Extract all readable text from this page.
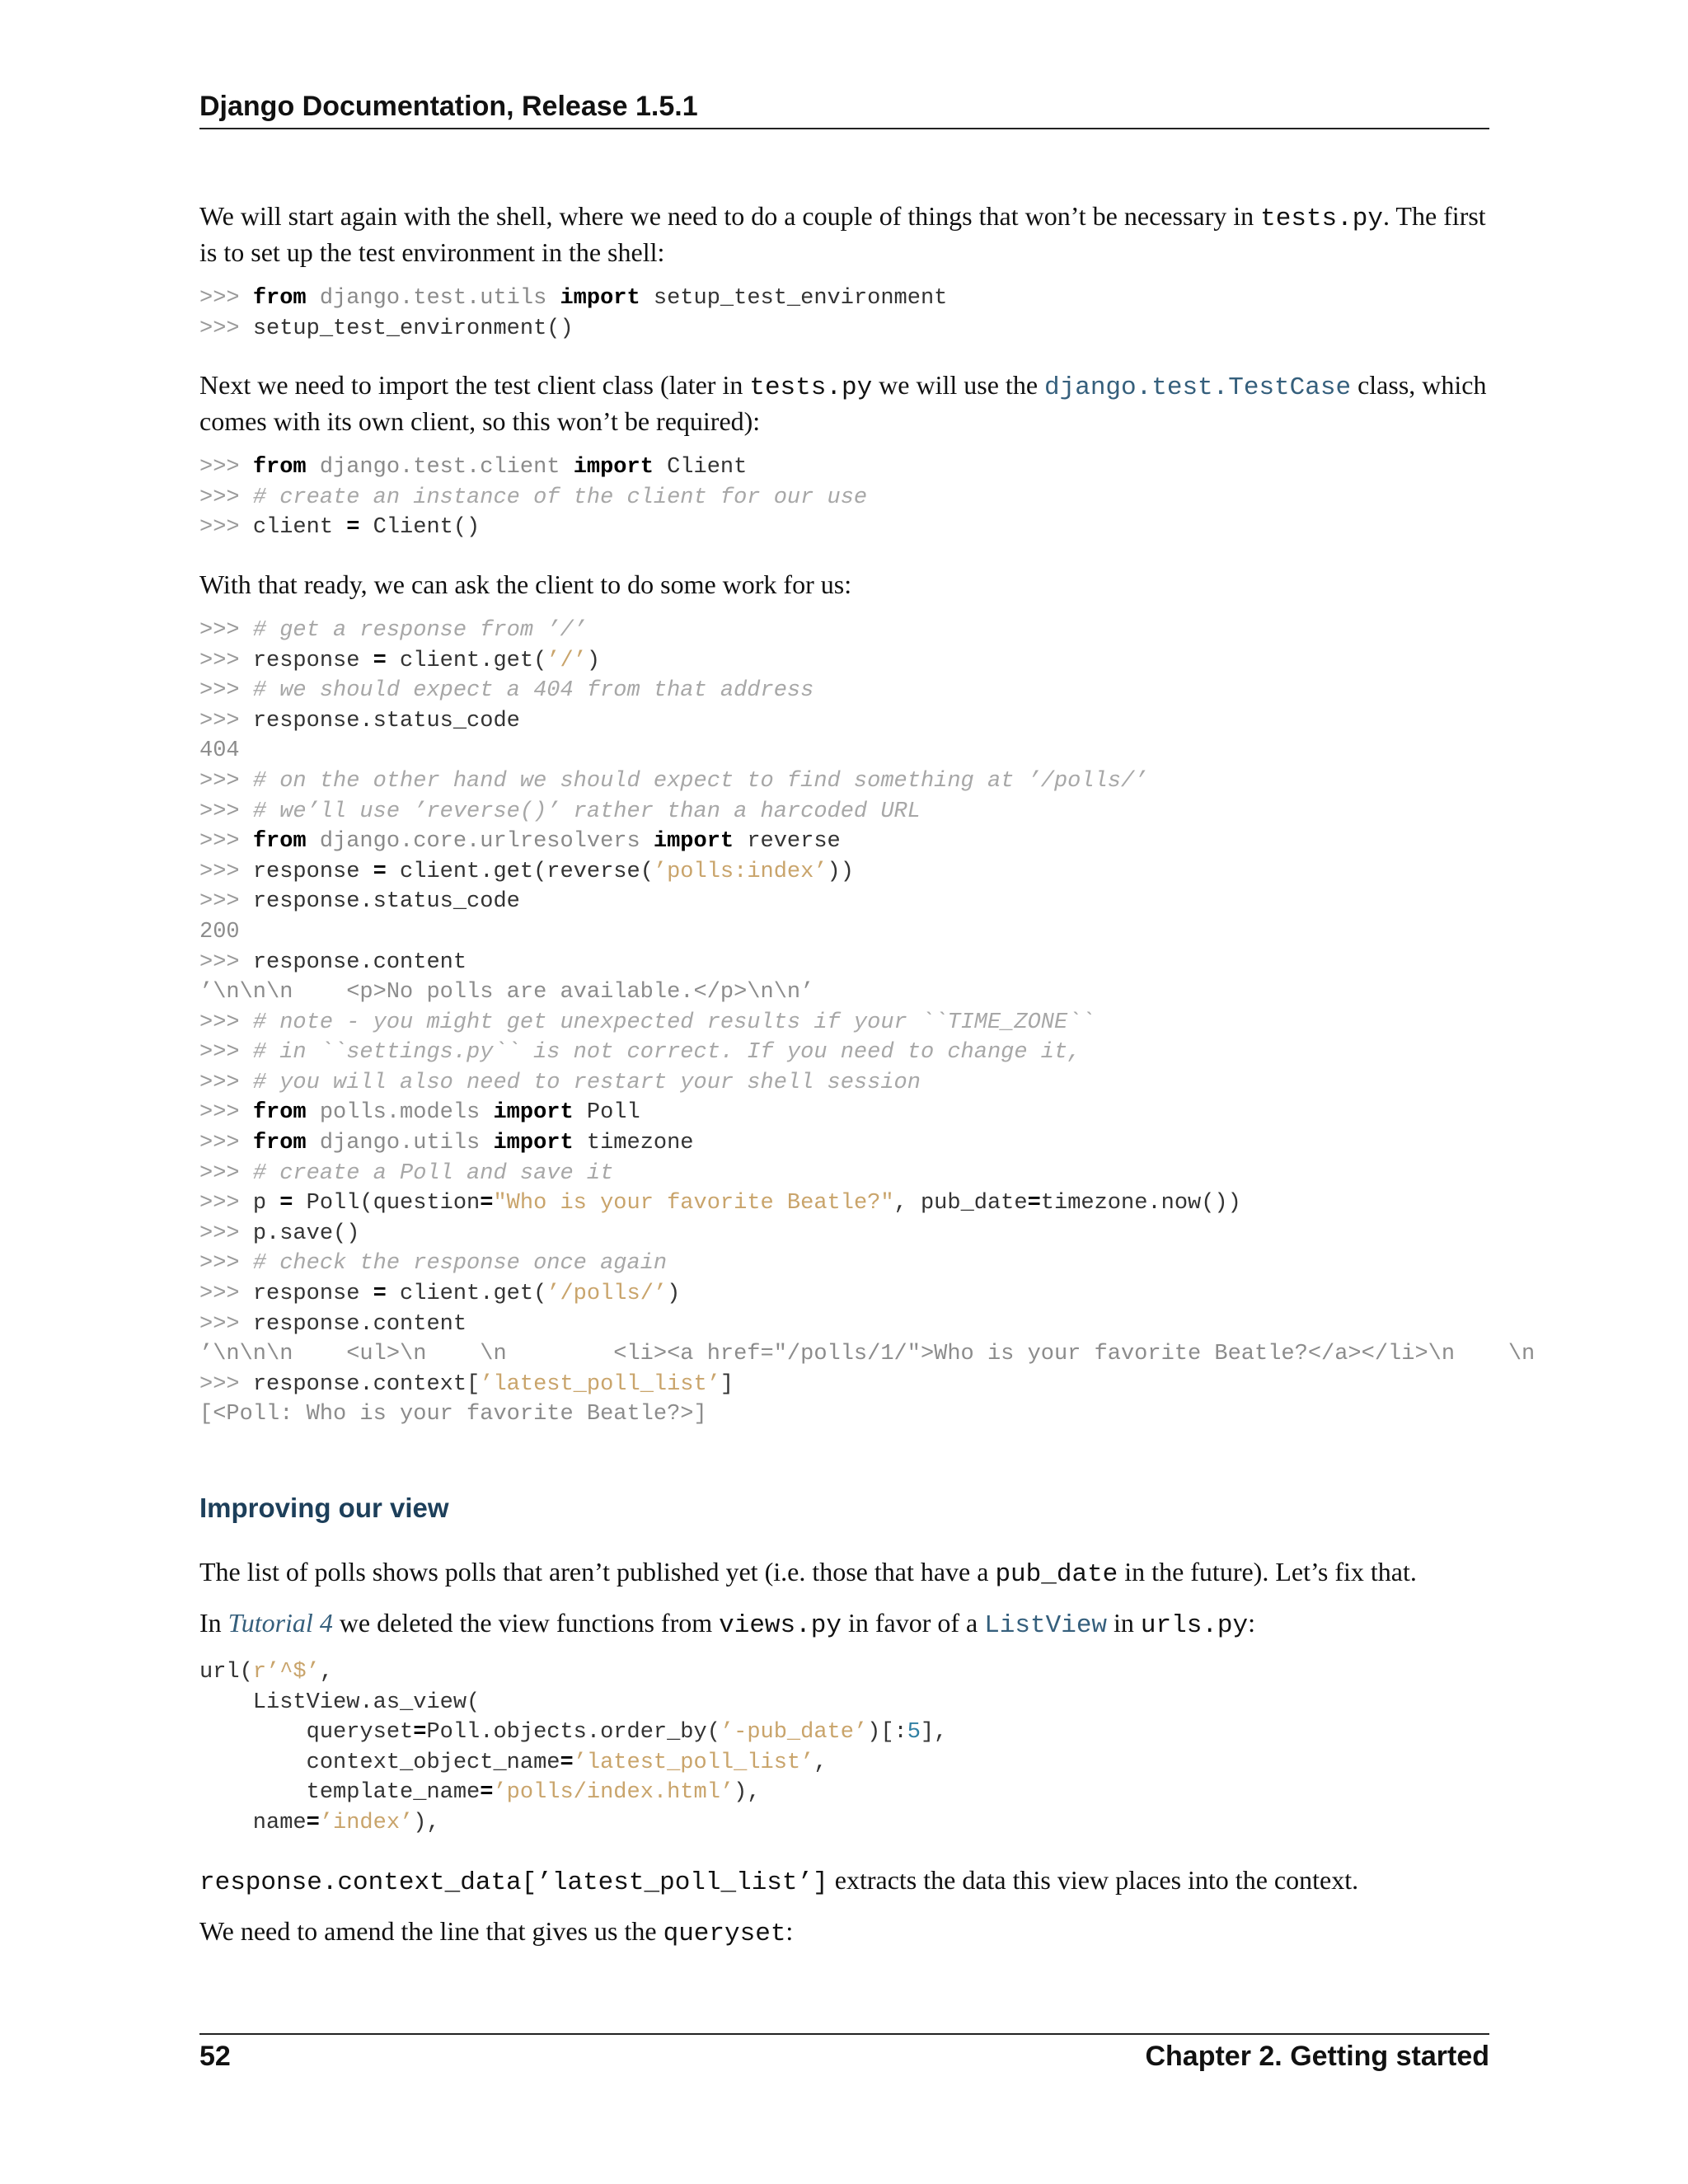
Django Documentation, Release 1.5.1

We will start again with the shell, where we need to do a couple of things that won’t be necessary in tests.py. The first is to set up the test environment in the shell:

>>> from django.test.utils import setup_test_environment
>>> setup_test_environment()

Next we need to import the test client class (later in tests.py we will use the django.test.TestCase class, which comes with its own client, so this won’t be required):

>>> from django.test.client import Client
>>> # create an instance of the client for our use
>>> client = Client()

With that ready, we can ask the client to do some work for us:

>>> # get a response from ’/’
>>> response = client.get(’/’)
>>> # we should expect a 404 from that address
>>> response.status_code
404
>>> # on the other hand we should expect to find something at ’/polls/’
>>> # we’ll use ’reverse()’ rather than a harcoded URL
>>> from django.core.urlresolvers import reverse
>>> response = client.get(reverse(’polls:index’))
>>> response.status_code
200
>>> response.content
’\n\n\n    <p>No polls are available.</p>\n\n’
>>> # note - you might get unexpected results if your ``TIME_ZONE``
>>> # in ``settings.py`` is not correct. If you need to change it,
>>> # you will also need to restart your shell session
>>> from polls.models import Poll
>>> from django.utils import timezone
>>> # create a Poll and save it
>>> p = Poll(question="Who is your favorite Beatle?", pub_date=timezone.now())
>>> p.save()
>>> # check the response once again
>>> response = client.get(’/polls/’)
>>> response.content
’\n\n\n    <ul>\n    \n        <li><a href="/polls/1/">Who is your favorite Beatle?</a></li>\n    \n
>>> response.context[’latest_poll_list’]
[<Poll: Who is your favorite Beatle?>]
Improving our view

The list of polls shows polls that aren’t published yet (i.e. those that have a pub_date in the future). Let’s fix that.

In Tutorial 4 we deleted the view functions from views.py in favor of a ListView in urls.py:

url(r’^$’,
ListView.as_view(
queryset=Poll.objects.order_by(’-pub_date’)[:5],
context_object_name=’latest_poll_list’,
template_name=’polls/index.html’),
name=’index’),

response.context_data[’latest_poll_list’] extracts the data this view places into the context.

We need to amend the line that gives us the queryset:

52	Chapter 2. Getting started
